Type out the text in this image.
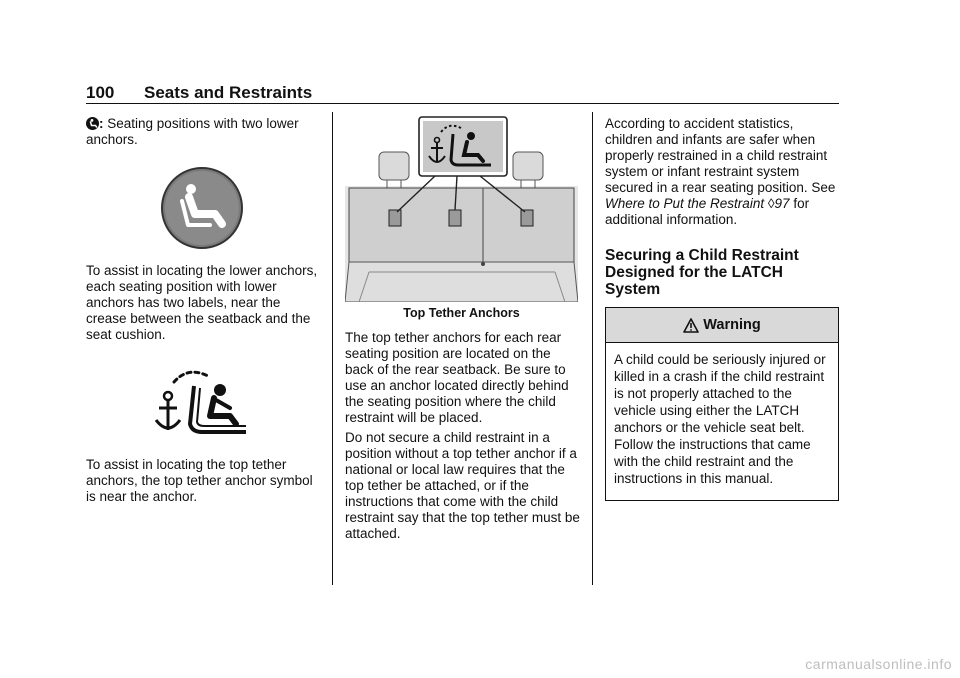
100 Seats and Restraints

: Seating positions with two lower anchors.

To assist in locating the lower anchors, each seating position with lower anchors has two labels, near the crease between the seatback and the seat cushion.

To assist in locating the top tether anchors, the top tether anchor symbol is near the anchor.

Top Tether Anchors

The top tether anchors for each rear seating position are located on the back of the rear seatback. Be sure to use an anchor located directly behind the seating position where the child restraint will be placed.

Do not secure a child restraint in a position without a top tether anchor if a national or local law requires that the top tether be attached, or if the instructions that come with the child restraint say that the top tether must be attached.

According to accident statistics, children and infants are safer when properly restrained in a child restraint system or infant restraint system secured in a rear seating position. See Where to Put the Restraint ◊97 for additional information.

Securing a Child Restraint Designed for the LATCH System
Warning
A child could be seriously injured or killed in a crash if the child restraint is not properly attached to the vehicle using either the LATCH anchors or the vehicle seat belt. Follow the instructions that came with the child restraint and the instructions in this manual.
carmanualsonline.info
